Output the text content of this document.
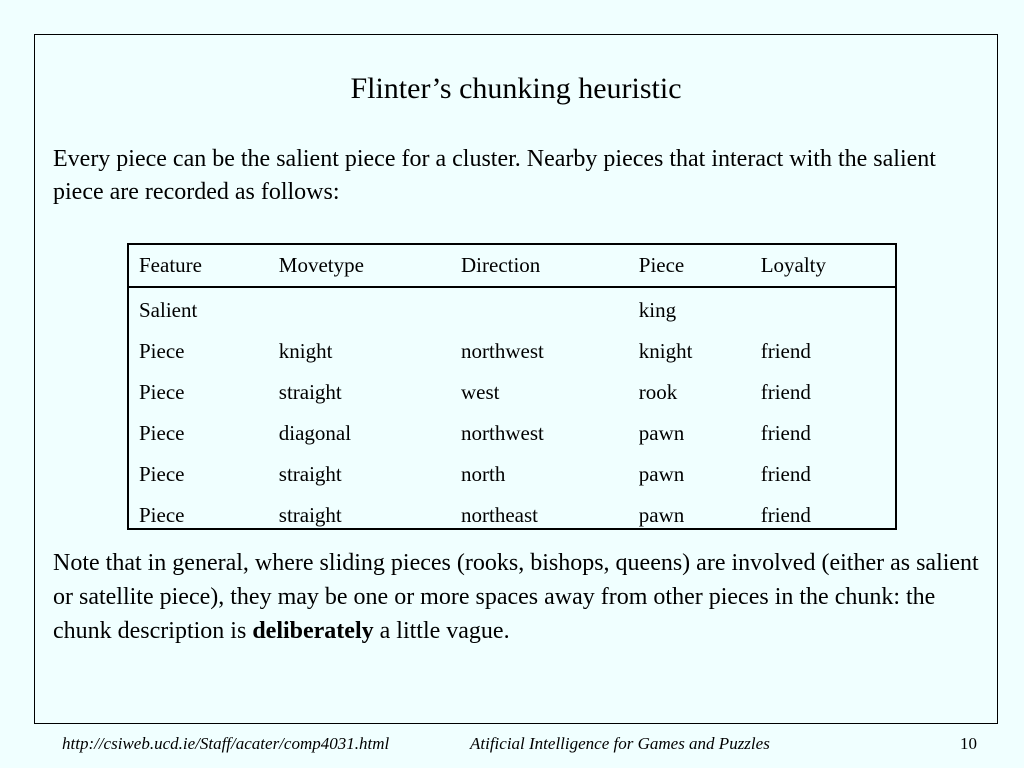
Flinter’s chunking heuristic

Every piece can be the salient piece for a cluster. Nearby pieces that interact with the salient piece are recorded as follows:

Feature	Movetype	Direction	Piece	Loyalty
Salient			king	
Piece	knight	northwest	knight	friend
Piece	straight	west	rook	friend
Piece	diagonal	northwest	pawn	friend
Piece	straight	north	pawn	friend
Piece	straight	northeast	pawn	friend

Note that in general, where sliding pieces (rooks, bishops, queens) are involved (either as salient or satellite piece), they may be one or more spaces away from other pieces in the chunk: the chunk description is deliberately a little vague.

http://csiweb.ucd.ie/Staff/acater/comp4031.html	Atificial Intelligence for Games and Puzzles	10
